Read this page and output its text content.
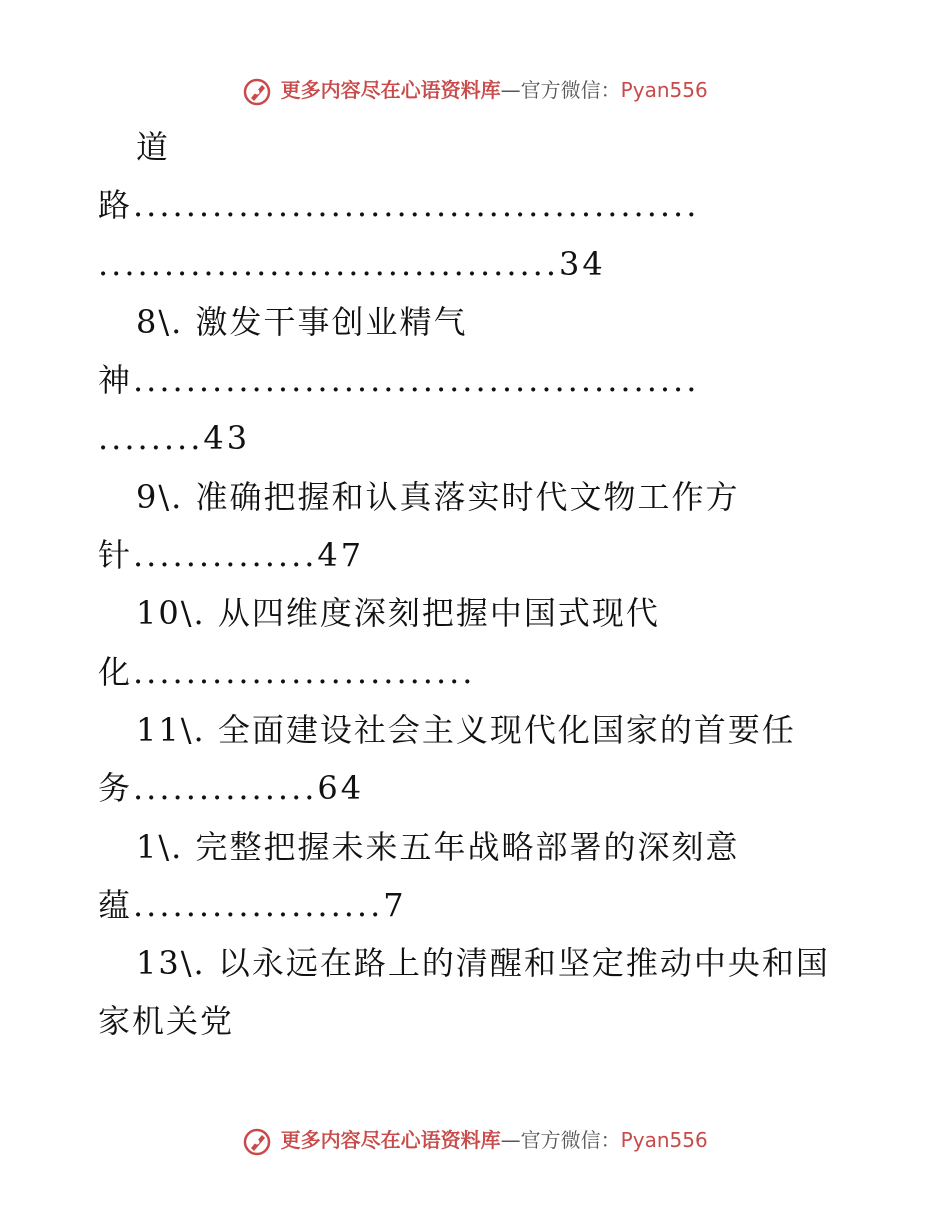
更多内容尽在心语资料库—官方微信：Pyan556
道
路...........................................
...................................34
8\. 激发干事创业精气
神...........................................
........43
9\. 准确把握和认真落实时代文物工作方
针..............47
10\. 从四维度深刻把握中国式现代
化..........................
11\. 全面建设社会主义现代化国家的首要任
务..............64
1\. 完整把握未来五年战略部署的深刻意
蕴...................7
13\. 以永远在路上的清醒和坚定推动中央和国
家机关党
更多内容尽在心语资料库—官方微信：Pyan556
